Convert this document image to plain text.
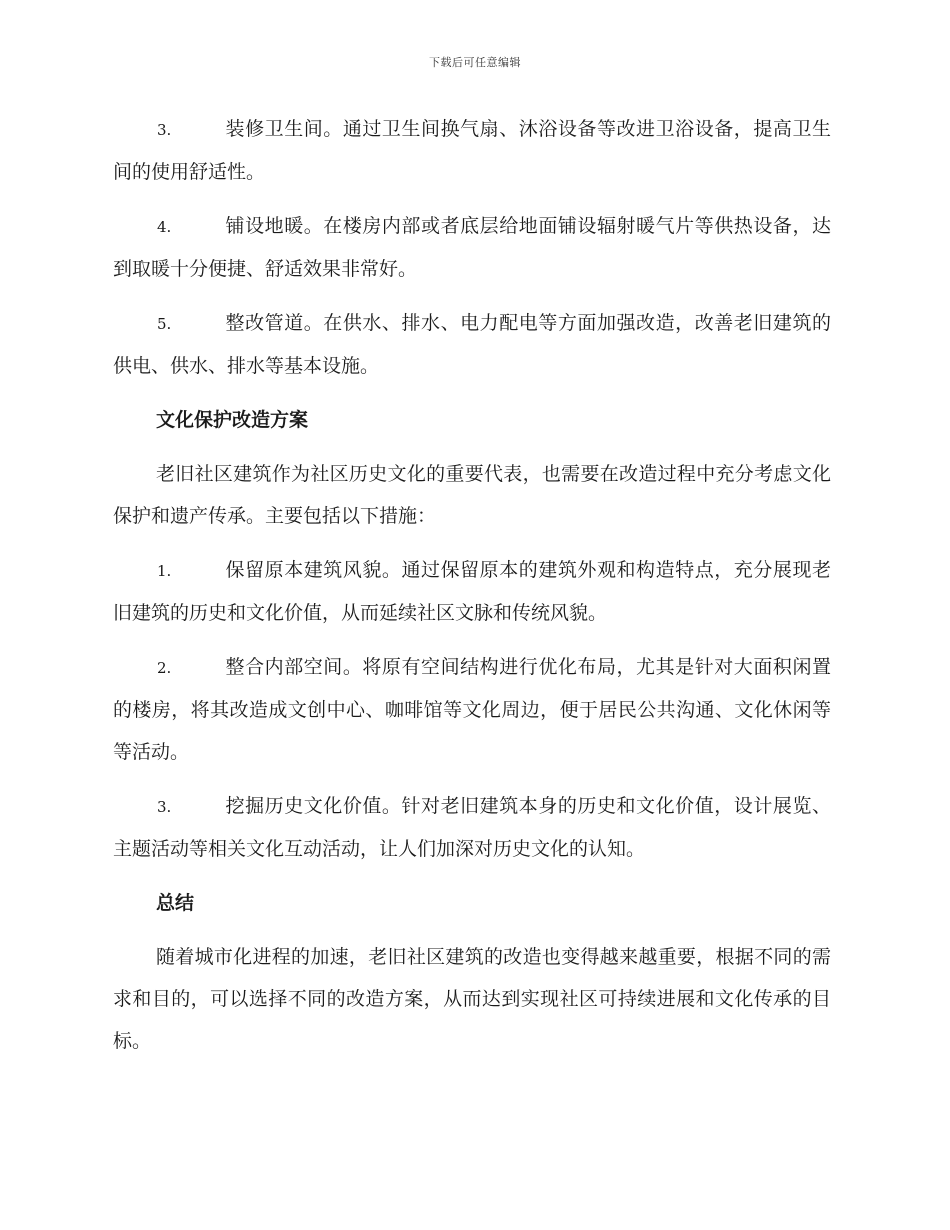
下载后可任意编辑

3.	装修卫生间。通过卫生间换气扇、沐浴设备等改进卫浴设备，提高卫生间的使用舒适性。

4.	铺设地暖。在楼房内部或者底层给地面铺设辐射暖气片等供热设备，达到取暖十分便捷、舒适效果非常好。

5.	整改管道。在供水、排水、电力配电等方面加强改造，改善老旧建筑的供电、供水、排水等基本设施。

文化保护改造方案

老旧社区建筑作为社区历史文化的重要代表，也需要在改造过程中充分考虑文化保护和遗产传承。主要包括以下措施：

1.	保留原本建筑风貌。通过保留原本的建筑外观和构造特点，充分展现老旧建筑的历史和文化价值，从而延续社区文脉和传统风貌。

2.	整合内部空间。将原有空间结构进行优化布局，尤其是针对大面积闲置的楼房，将其改造成文创中心、咖啡馆等文化周边，便于居民公共沟通、文化休闲等等活动。

3.	挖掘历史文化价值。针对老旧建筑本身的历史和文化价值，设计展览、主题活动等相关文化互动活动，让人们加深对历史文化的认知。

总结

随着城市化进程的加速，老旧社区建筑的改造也变得越来越重要，根据不同的需求和目的，可以选择不同的改造方案，从而达到实现社区可持续进展和文化传承的目标。
